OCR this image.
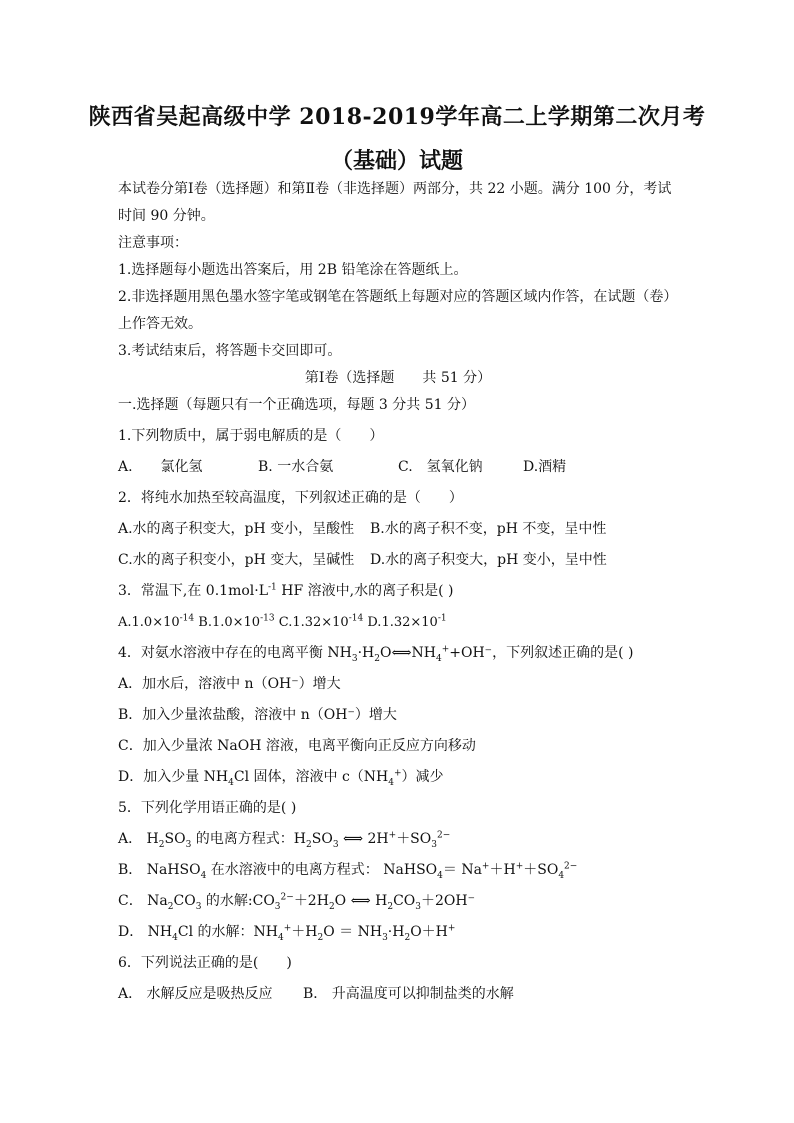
陕西省吴起高级中学 2018-2019学年高二上学期第二次月考
（基础）试题
本试卷分第Ⅰ卷（选择题）和第Ⅱ卷（非选择题）两部分，共 22 小题。满分 100 分，考试时间 90 分钟。
注意事项：
1.选择题每小题选出答案后，用 2B 铅笔涂在答题纸上。
2.非选择题用黑色墨水签字笔或钢笔在答题纸上每题对应的答题区域内作答，在试题（卷）上作答无效。
3.考试结束后，将答题卡交回即可。
第Ⅰ卷（选择题　　共 51 分）
一.选择题（每题只有一个正确选项，每题 3 分共 51 分）
1.下列物质中，属于弱电解质的是（　　）
A.　　氯化氢	B. 一水合氨	C.　氢氧化钠	D.酒精
2．将纯水加热至较高温度，下列叙述正确的是（　　）
A.水的离子积变大，pH 变小，呈酸性	B.水的离子积不变，pH 不变，呈中性
C.水的离子积变小，pH 变大，呈碱性	D.水的离子积变大，pH 变小，呈中性
3．常温下,在 $0.1mol\cdot L^{-1}$ HF 溶液中,水的离子积是( )
$A.1.0\times 10^{-14}$ $B.1.0\times 10^{-13}$ $C.1.32\times 10^{-14}$ $D.1.32\times 10^{-1}$
4．对氨水溶液中存在的电离平衡 $NH_3\cdot H_2O⟺NH_4^++OH^-$，下列叙述正确的是( )
A．加水后，溶液中 n（OH⁻）增大
B．加入少量浓盐酸，溶液中 n（OH⁻）增大
C．加入少量浓 NaOH 溶液，电离平衡向正反应方向移动
D．加入少量 $NH_4Cl$ 固体，溶液中 $c(NH_4^+)$减少
5．下列化学用语正确的是( )
A． $H_2SO_3$ 的电离方程式：$H_2SO_3$ ⟺ $2H^++SO_3^{2-}$
B． NaHSO$_4$ 在水溶液中的电离方程式： NaHSO$_4$＝ $Na^++H^++SO_4^{2-}$
C． $Na_2CO_3$ 的水解$:CO_3^{2-}+2H_2O$ ⟺ $H_2CO_3+2OH^-$
D． $NH_4Cl$ 的水解：$NH_4^++H_2O = NH_3\cdot H_2O+H^+$
6．下列说法正确的是(　　)
A． 水解反应是吸热反应	B． 升高温度可以抑制盐类的水解
